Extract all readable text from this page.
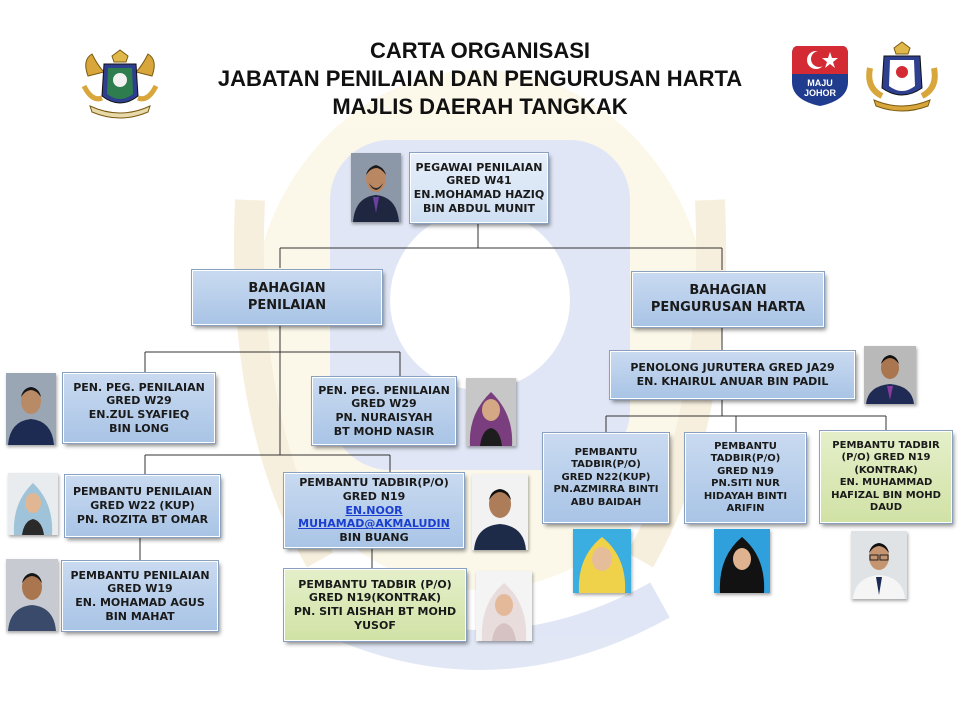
CARTA ORGANISASI
JABATAN PENILAIAN DAN PENGURUSAN HARTA
MAJLIS DAERAH TANGKAK
MAJU
JOHOR
PEGAWAI PENILAIAN
GRED W41
EN.MOHAMAD HAZIQ
BIN ABDUL MUNIT
BAHAGIAN
PENILAIAN
BAHAGIAN
PENGURUSAN HARTA
PEN. PEG. PENILAIAN
GRED W29
EN.ZUL SYAFIEQ
BIN LONG
PEN. PEG. PENILAIAN
GRED W29
PN. NURAISYAH
BT MOHD NASIR
PEMBANTU PENILAIAN
GRED W22 (KUP)
PN. ROZITA BT OMAR
PEMBANTU PENILAIAN
GRED W19
EN. MOHAMAD AGUS
BIN MAHAT
PEMBANTU TADBIR(P/O)
GRED N19
EN.NOOR
MUHAMAD@AKMALUDIN
BIN BUANG
PEMBANTU TADBIR (P/O)
GRED N19(KONTRAK)
PN. SITI AISHAH BT MOHD
YUSOF
PENOLONG JURUTERA GRED JA29
EN. KHAIRUL ANUAR BIN PADIL
PEMBANTU
TADBIR(P/O)
GRED N22(KUP)
PN.AZMIRRA BINTI
ABU BAIDAH
PEMBANTU
TADBIR(P/O)
GRED N19
PN.SITI NUR
HIDAYAH BINTI
ARIFIN
PEMBANTU TADBIR
(P/O) GRED N19
(KONTRAK)
EN. MUHAMMAD
HAFIZAL BIN MOHD
DAUD
